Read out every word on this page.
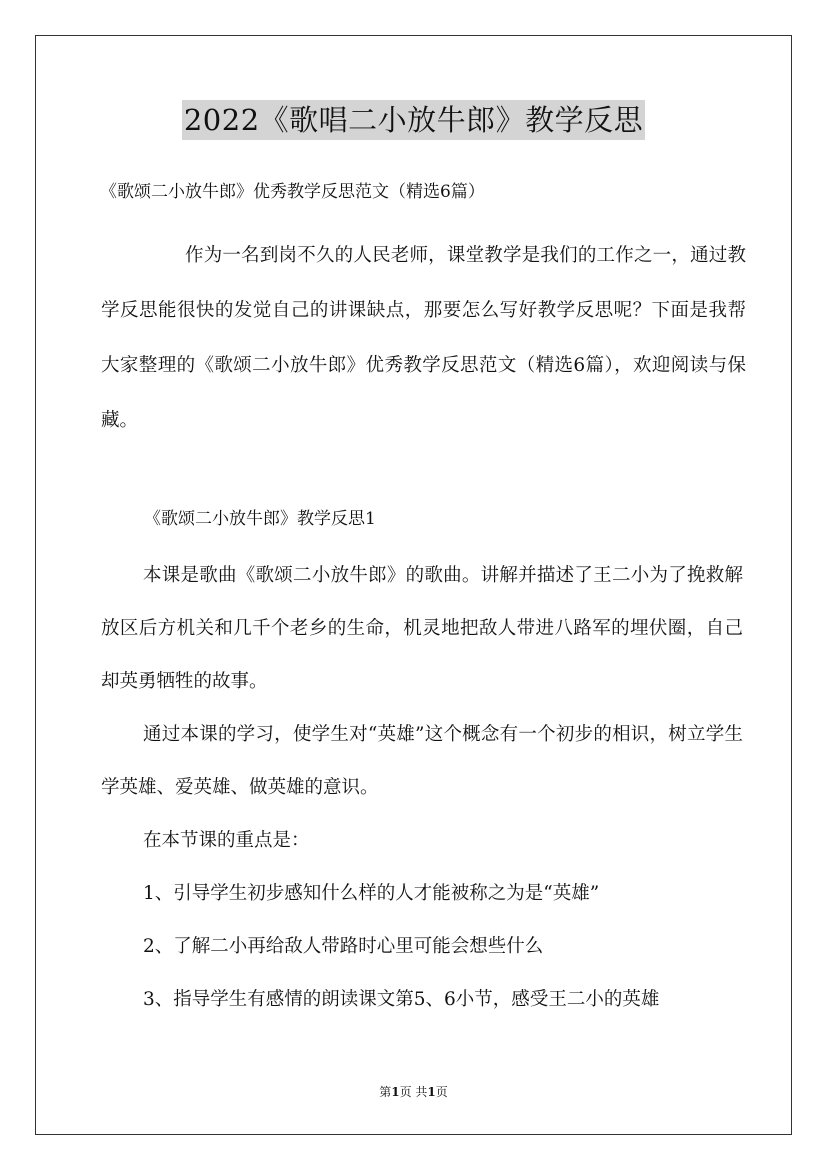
2022《歌唱二小放牛郎》教学反思
《歌颂二小放牛郎》优秀教学反思范文（精选6篇）

作为一名到岗不久的人民老师，课堂教学是我们的工作之一，通过教学反思能很快的发觉自己的讲课缺点，那要怎么写好教学反思呢？下面是我帮大家整理的《歌颂二小放牛郎》优秀教学反思范文（精选6篇），欢迎阅读与保藏。

《歌颂二小放牛郎》教学反思1

本课是歌曲《歌颂二小放牛郎》的歌曲。讲解并描述了王二小为了挽救解放区后方机关和几千个老乡的生命，机灵地把敌人带进八路军的埋伏圈，自己却英勇牺牲的故事。

通过本课的学习，使学生对“英雄”这个概念有一个初步的相识，树立学生学英雄、爱英雄、做英雄的意识。

在本节课的重点是：

1、引导学生初步感知什么样的人才能被称之为是“英雄”

2、了解二小再给敌人带路时心里可能会想些什么

3、指导学生有感情的朗读课文第5、6小节，感受王二小的英雄

第1页 共1页
